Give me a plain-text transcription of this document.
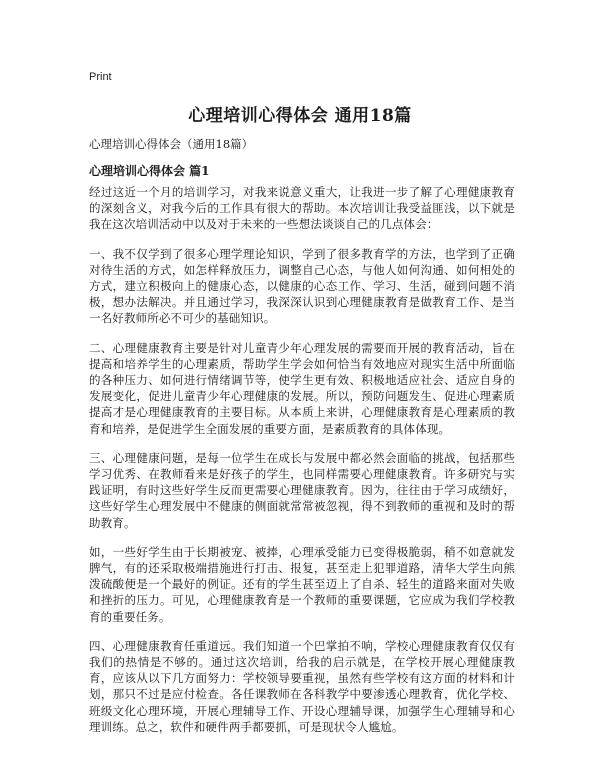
Print
心理培训心得体会 通用18篇

心理培训心得体会（通用18篇）

心理培训心得体会 篇1

经过这近一个月的培训学习，对我来说意义重大，让我进一步了解了心理健康教育的深刻含义，对我今后的工作具有很大的帮助。本次培训让我受益匪浅，以下就是我在这次培训活动中以及对于未来的一些想法谈谈自己的几点体会：

一、我不仅学到了很多心理学理论知识，学到了很多教育学的方法，也学到了正确对待生活的方式，如怎样释放压力，调整自己心态，与他人如何沟通、如何相处的方式，建立积极向上的健康心态，以健康的心态工作、学习、生活，碰到问题不消极，想办法解决。并且通过学习，我深深认识到心理健康教育是做教育工作、是当一名好教师所必不可少的基础知识。

二、心理健康教育主要是针对儿童青少年心理发展的需要而开展的教育活动，旨在提高和培养学生的心理素质，帮助学生学会如何恰当有效地应对现实生活中所面临的各种压力、如何进行情绪调节等，使学生更有效、积极地适应社会、适应自身的发展变化，促进儿童青少年心理健康的发展。所以，预防问题发生、促进心理素质提高才是心理健康教育的主要目标。从本质上来讲，心理健康教育是心理素质的教育和培养，是促进学生全面发展的重要方面，是素质教育的具体体现。

三、心理健康问题，是每一位学生在成长与发展中都必然会面临的挑战，包括那些学习优秀、在教师看来是好孩子的学生，也同样需要心理健康教育。许多研究与实践证明，有时这些好学生反而更需要心理健康教育。因为，往往由于学习成绩好，这些好学生心理发展中不健康的侧面就常常被忽视，得不到教师的重视和及时的帮助教育。

如，一些好学生由于长期被宠、被捧，心理承受能力已变得极脆弱，稍不如意就发脾气，有的还采取极端措施进行打击、报复，甚至走上犯罪道路，清华大学生向熊泼硫酸便是一个最好的例证。还有的学生甚至迈上了自杀、轻生的道路来面对失败和挫折的压力。可见，心理健康教育是一个教师的重要课题，它应成为我们学校教育的重要任务。

四、心理健康教育任重道远。我们知道一个巴掌拍不响，学校心理健康教育仅仅有我们的热情是不够的。通过这次培训，给我的启示就是，在学校开展心理健康教育，应该从以下几方面努力：学校领导要重视，虽然有些学校有这方面的材料和计划，那只不过是应付检查。各任课教师在各科教学中要渗透心理教育，优化学校、班级文化心理环境，开展心理辅导工作、开设心理辅导课，加强学生心理辅导和心理训练。总之，软件和硬件两手都要抓，可是现状令人尴尬。
